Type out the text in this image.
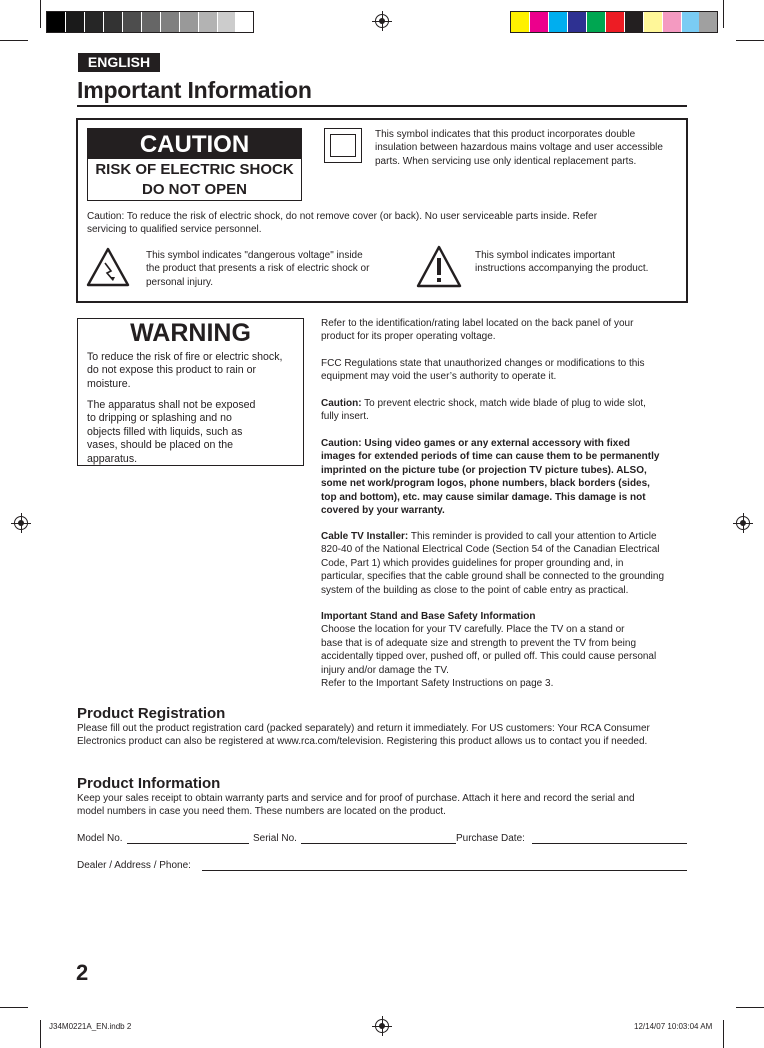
ENGLISH
Important Information
CAUTION
RISK OF ELECTRIC SHOCK
DO NOT OPEN
This symbol indicates that this product incorporates double
insulation between hazardous mains voltage and user accessible
parts. When servicing use only identical replacement parts.
Caution: To reduce the risk of electric shock, do not remove cover (or back). No user serviceable parts inside. Refer
servicing to qualified service personnel.
This symbol indicates "dangerous voltage" inside
the product that presents a risk of electric shock or
personal injury.
This symbol indicates important
instructions accompanying the product.
WARNING
To reduce the risk of fire or electric shock,
do not expose this product to rain or
moisture.
The apparatus shall not be exposed
to dripping or splashing and no
objects filled with liquids, such as
vases, should be placed on the
apparatus.
Refer to the identification/rating label located on the back panel of your
product for its proper operating voltage.
FCC Regulations state that unauthorized changes or modifications to this
equipment may void the user’s authority to operate it.
Caution: To prevent electric shock, match wide blade of plug to wide slot,
fully insert.
Caution: Using video games or any external accessory with fixed
images for extended periods of time can cause them to be permanently
imprinted on the picture tube (or projection TV picture tubes). ALSO,
some net work/program logos, phone numbers, black borders (sides,
top and bottom), etc. may cause similar damage. This damage is not
covered by your warranty.
Cable TV Installer: This reminder is provided to call your attention to Article
820-40 of the National Electrical Code (Section 54 of the Canadian Electrical
Code, Part 1) which provides guidelines for proper grounding and, in
particular, specifies that the cable ground shall be connected to the grounding
system of the building as close to the point of cable entry as practical.
Important Stand and Base Safety Information
Choose the location for your TV carefully. Place the TV on a stand or
base that is of adequate size and strength to prevent the TV from being
accidentally tipped over, pushed off, or pulled off. This could cause personal
injury and/or damage the TV.
Refer to the Important Safety Instructions on page 3.
Product Registration
Please fill out the product registration card (packed separately) and return it immediately. For US customers: Your RCA Consumer
Electronics product can also be registered at www.rca.com/television. Registering this product allows us to contact you if needed.
Product Information
Keep your sales receipt to obtain warranty parts and service and for proof of purchase. Attach it here and record the serial and
model numbers in case you need them. These numbers are located on the product.
Model No.	Serial No.	Purchase Date:
Dealer / Address / Phone:
2
J34M0221A_EN.indb 2	12/14/07 10:03:04 AM
